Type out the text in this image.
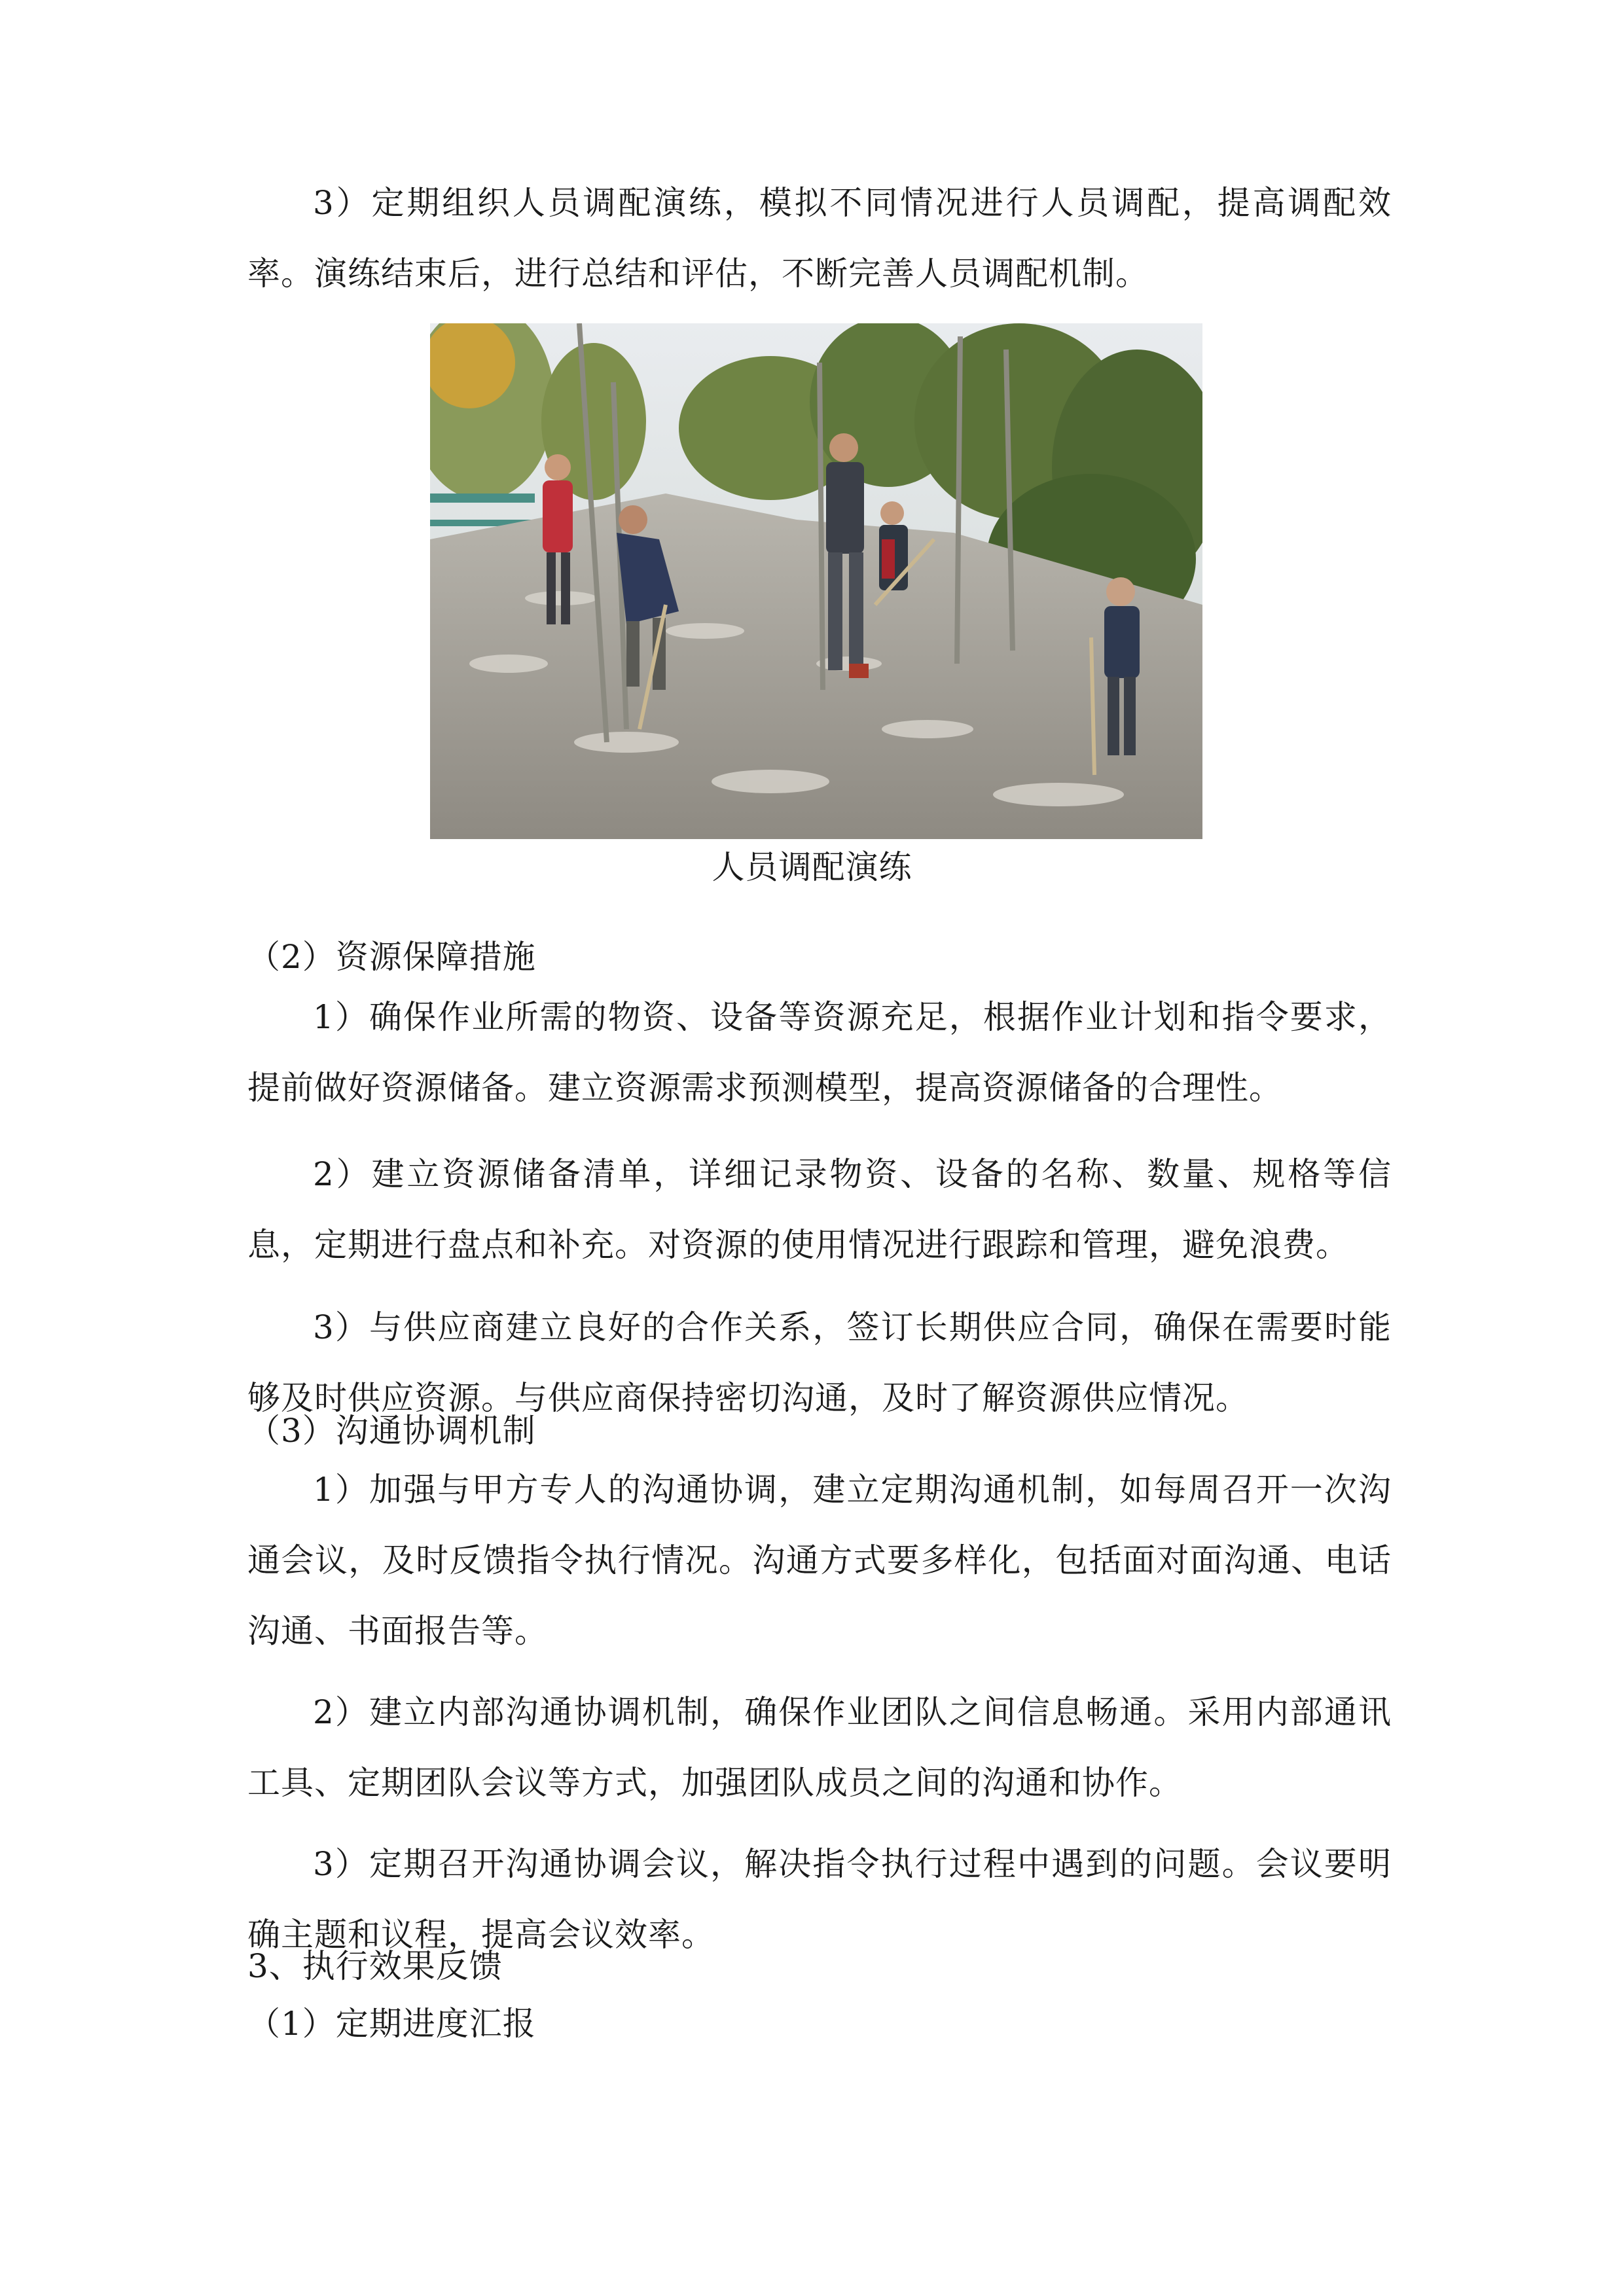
3）定期组织人员调配演练，模拟不同情况进行人员调配，提高调配效率。演练结束后，进行总结和评估，不断完善人员调配机制。

人员调配演练
（2）资源保障措施

1）确保作业所需的物资、设备等资源充足，根据作业计划和指令要求，提前做好资源储备。建立资源需求预测模型，提高资源储备的合理性。

2）建立资源储备清单，详细记录物资、设备的名称、数量、规格等信息，定期进行盘点和补充。对资源的使用情况进行跟踪和管理，避免浪费。

3）与供应商建立良好的合作关系，签订长期供应合同，确保在需要时能够及时供应资源。与供应商保持密切沟通，及时了解资源供应情况。

（3）沟通协调机制

1）加强与甲方专人的沟通协调，建立定期沟通机制，如每周召开一次沟通会议，及时反馈指令执行情况。沟通方式要多样化，包括面对面沟通、电话沟通、书面报告等。

2）建立内部沟通协调机制，确保作业团队之间信息畅通。采用内部通讯工具、定期团队会议等方式，加强团队成员之间的沟通和协作。

3）定期召开沟通协调会议，解决指令执行过程中遇到的问题。会议要明确主题和议程，提高会议效率。

3、执行效果反馈
（1）定期进度汇报
